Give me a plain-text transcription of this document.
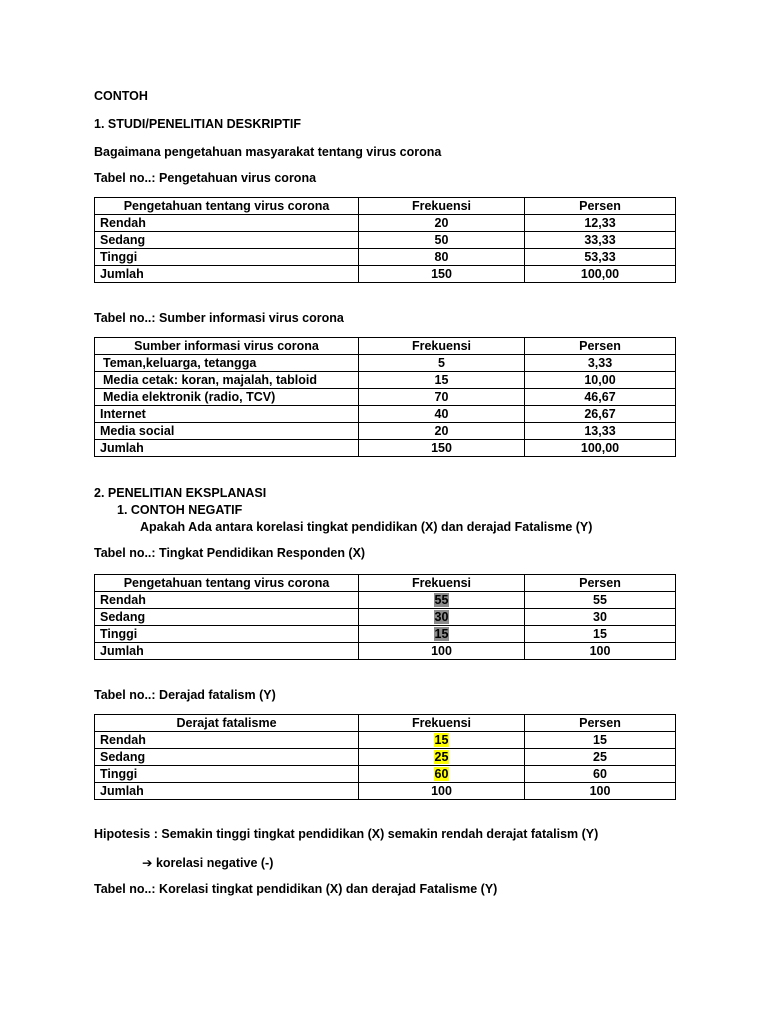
CONTOH
1. STUDI/PENELITIAN DESKRIPTIF
Bagaimana pengetahuan masyarakat tentang virus corona
Tabel no..: Pengetahuan virus corona
Pengetahuan tentang virus corona	Frekuensi	Persen
Rendah	20	12,33
Sedang	50	33,33
Tinggi	80	53,33
Jumlah	150	100,00
Tabel no..: Sumber informasi virus corona
Sumber informasi virus corona	Frekuensi	Persen
Teman,keluarga, tetangga	5	3,33
Media cetak: koran, majalah, tabloid	15	10,00
Media elektronik (radio, TCV)	70	46,67
Internet	40	26,67
Media social	20	13,33
Jumlah	150	100,00
2. PENELITIAN EKSPLANASI
1. CONTOH NEGATIF
Apakah Ada antara korelasi tingkat pendidikan (X) dan derajad Fatalisme (Y)
Tabel no..: Tingkat Pendidikan Responden (X)
Pengetahuan tentang virus corona	Frekuensi	Persen
Rendah	55	55
Sedang	30	30
Tinggi	15	15
Jumlah	100	100
Tabel no..: Derajad fatalism (Y)
Derajat fatalisme	Frekuensi	Persen
Rendah	15	15
Sedang	25	25
Tinggi	60	60
Jumlah	100	100
Hipotesis : Semakin tinggi tingkat pendidikan (X) semakin rendah derajat fatalism (Y)
➔ korelasi negative (-)
Tabel no..: Korelasi tingkat pendidikan (X) dan derajad Fatalisme (Y)
